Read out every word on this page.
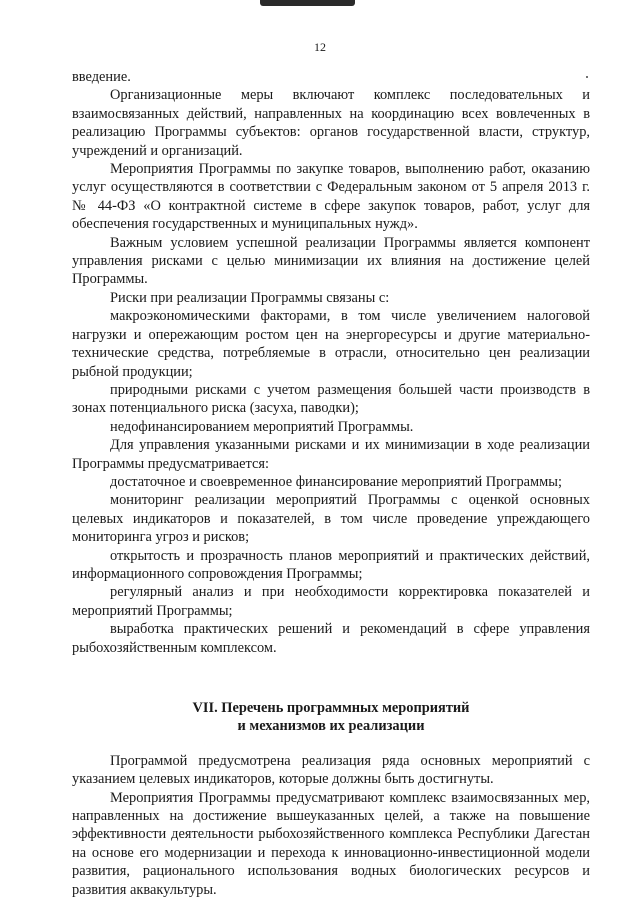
12

введение.

Организационные меры включают комплекс последовательных и взаимосвязанных действий, направленных на координацию всех вовлеченных в реализацию Программы субъектов: органов государственной власти, структур, учреждений и организаций.

Мероприятия Программы по закупке товаров, выполнению работ, оказанию услуг осуществляются в соответствии с Федеральным законом от 5 апреля 2013 г. № 44-ФЗ «О контрактной системе в сфере закупок товаров, работ, услуг для обеспечения государственных и муниципальных нужд».

Важным условием успешной реализации Программы является компонент управления рисками с целью минимизации их влияния на достижение целей Программы.

Риски при реализации Программы связаны с:

макроэкономическими факторами, в том числе увеличением налоговой нагрузки и опережающим ростом цен на энергоресурсы и другие материально-технические средства, потребляемые в отрасли, относительно цен реализации рыбной продукции;

природными рисками с учетом размещения большей части производств в зонах потенциального риска (засуха, паводки);

недофинансированием мероприятий Программы.

Для управления указанными рисками и их минимизации в ходе реализации Программы предусматривается:

достаточное и своевременное финансирование мероприятий Программы;

мониторинг реализации мероприятий Программы с оценкой основных целевых индикаторов и показателей, в том числе проведение упреждающего мониторинга угроз и рисков;

открытость и прозрачность планов мероприятий и практических действий, информационного сопровождения Программы;

регулярный анализ и при необходимости корректировка показателей и мероприятий Программы;

выработка практических решений и рекомендаций в сфере управления рыбохозяйственным комплексом.

VII. Перечень программных мероприятий
и механизмов их реализации

Программой предусмотрена реализация ряда основных мероприятий с указанием целевых индикаторов, которые должны быть достигнуты.

Мероприятия Программы предусматривают комплекс взаимосвязанных мер, направленных на достижение вышеуказанных целей, а также на повышение эффективности деятельности рыбохозяйственного комплекса Республики Дагестан на основе его модернизации и перехода к инновационно-инвестиционной модели развития, рационального использования водных биологических ресурсов и развития аквакультуры.
